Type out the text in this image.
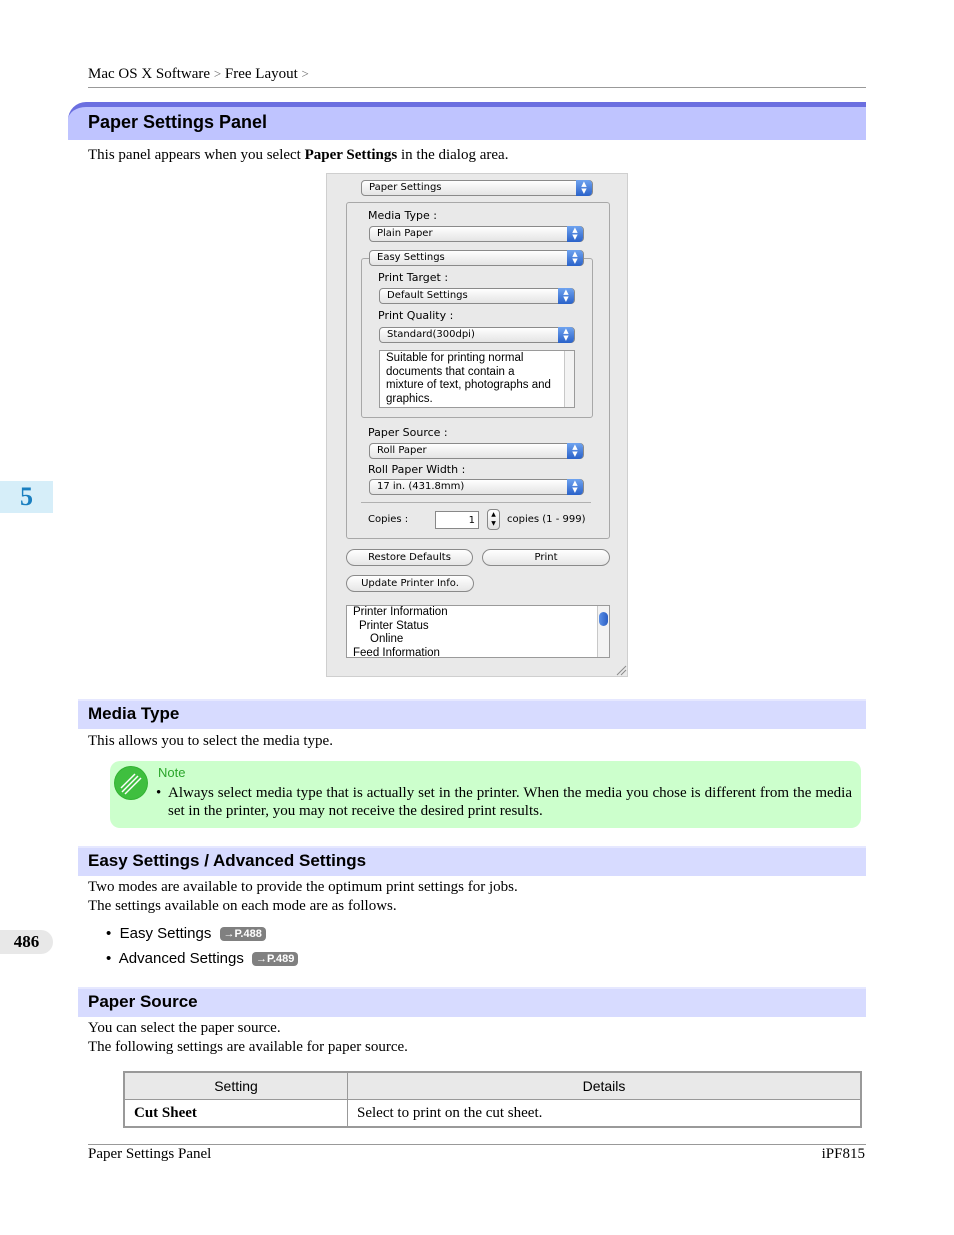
Mac OS X Software > Free Layout >
Paper Settings Panel
This panel appears when you select Paper Settings in the dialog area.
5
486
Paper Settings	▲
▼
Media Type :
Plain Paper	▲
▼
Easy Settings	▲
▼
Print Target :
Default Settings	▲
▼
Print Quality :
Standard(300dpi)	▲
▼
Suitable for printing normal
documents that contain a
mixture of text, photographs and
graphics.
Paper Source :
Roll Paper	▲
▼
Roll Paper Width :
17 in. (431.8mm)	▲
▼
Copies :
1	▲
▼	copies (1 - 999)
Restore Defaults	Print
Update Printer Info.
Printer Information
Printer Status
Online
Feed Information
Media Type
This allows you to select the media type.
Note
• Always select media type that is actually set in the printer. When the media you chose is different from the media set in the printer, you may not receive the desired print results.
Easy Settings / Advanced Settings
Two modes are available to provide the optimum print settings for jobs.
The settings available on each mode are as follows.
• Easy Settings →P.488
• Advanced Settings →P.489
Paper Source
You can select the paper source.
The following settings are available for paper source.
Setting	Details
Cut Sheet	Select to print on the cut sheet.
Paper Settings Panel	iPF815
